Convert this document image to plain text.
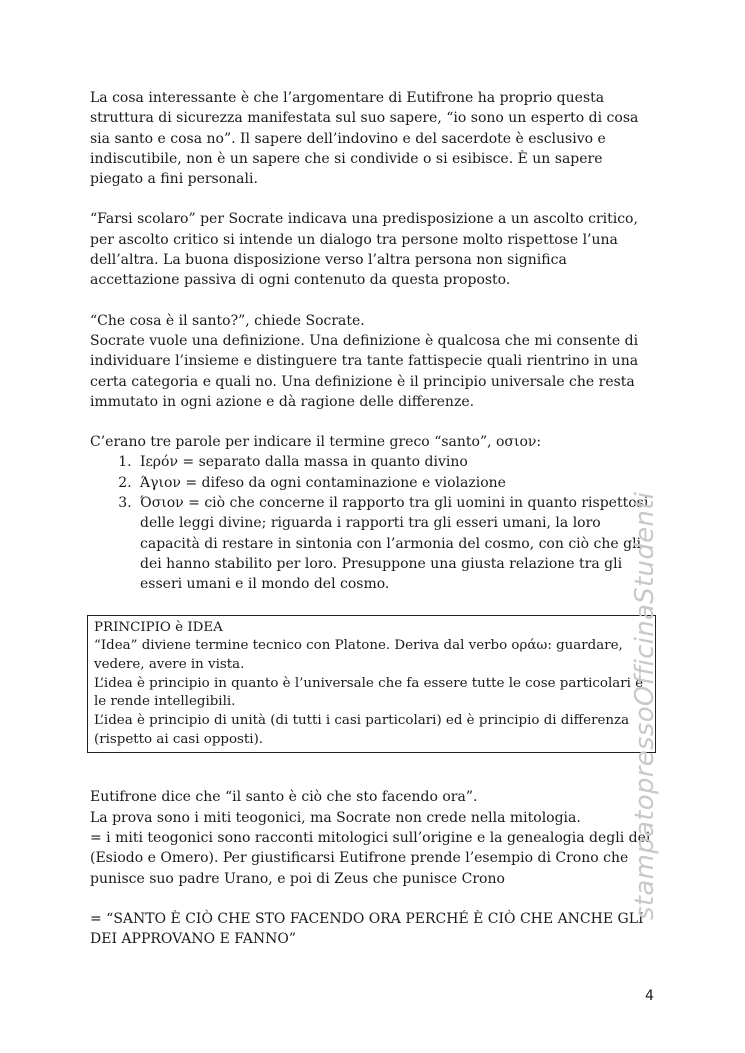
La cosa interessante è che l’argomentare di Eutifrone ha proprio questa struttura di sicurezza manifestata sul suo sapere, “io sono un esperto di cosa sia santo e cosa no”. Il sapere dell’indovino e del sacerdote è esclusivo e indiscutibile, non è un sapere che si condivide o si esibisce. È un sapere piegato a fini personali.

“Farsi scolaro” per Socrate indicava una predisposizione a un ascolto critico, per ascolto critico si intende un dialogo tra persone molto rispettose l’una dell’altra. La buona disposizione verso l’altra persona non significa accettazione passiva di ogni contenuto da questa proposto.

“Che cosa è il santo?”, chiede Socrate.

Socrate vuole una definizione. Una definizione è qualcosa che mi consente di individuare l’insieme e distinguere tra tante fattispecie quali rientrino in una certa categoria e quali no. Una definizione è il principio universale che resta immutato in ogni azione e dà ragione delle differenze.

C’erano tre parole per indicare il termine greco “santo”, οσιον:

1. Ιερόν = separato dalla massa in quanto divino
2. Άγιον = difeso da ogni contaminazione e violazione
3. Όσιον = ciò che concerne il rapporto tra gli uomini in quanto rispettosi delle leggi divine; riguarda i rapporti tra gli esseri umani, la loro capacità di restare in sintonia con l’armonia del cosmo, con ciò che gli dei hanno stabilito per loro. Presuppone una giusta relazione tra gli esseri umani e il mondo del cosmo.

PRINCIPIO è IDEA

“Idea” diviene termine tecnico con Platone. Deriva dal verbo οράω: guardare, vedere, avere in vista.

L’idea è principio in quanto è l’universale che fa essere tutte le cose particolari e le rende intellegibili.

L’idea è principio di unità (di tutti i casi particolari) ed è principio di differenza (rispetto ai casi opposti).

Eutifrone dice che “il santo è ciò che sto facendo ora”.

La prova sono i miti teogonici, ma Socrate non crede nella mitologia.

= i miti teogonici sono racconti mitologici sull’origine e la genealogia degli dei (Esiodo e Omero). Per giustificarsi Eutifrone prende l’esempio di Crono che punisce suo padre Urano, e poi di Zeus che punisce Crono

= “SANTO È CIÒ CHE STO FACENDO ORA PERCHÉ È CIÒ CHE ANCHE GLI DEI APPROVANO E FANNO”

stampatopressoOfficinaStudenti
4
